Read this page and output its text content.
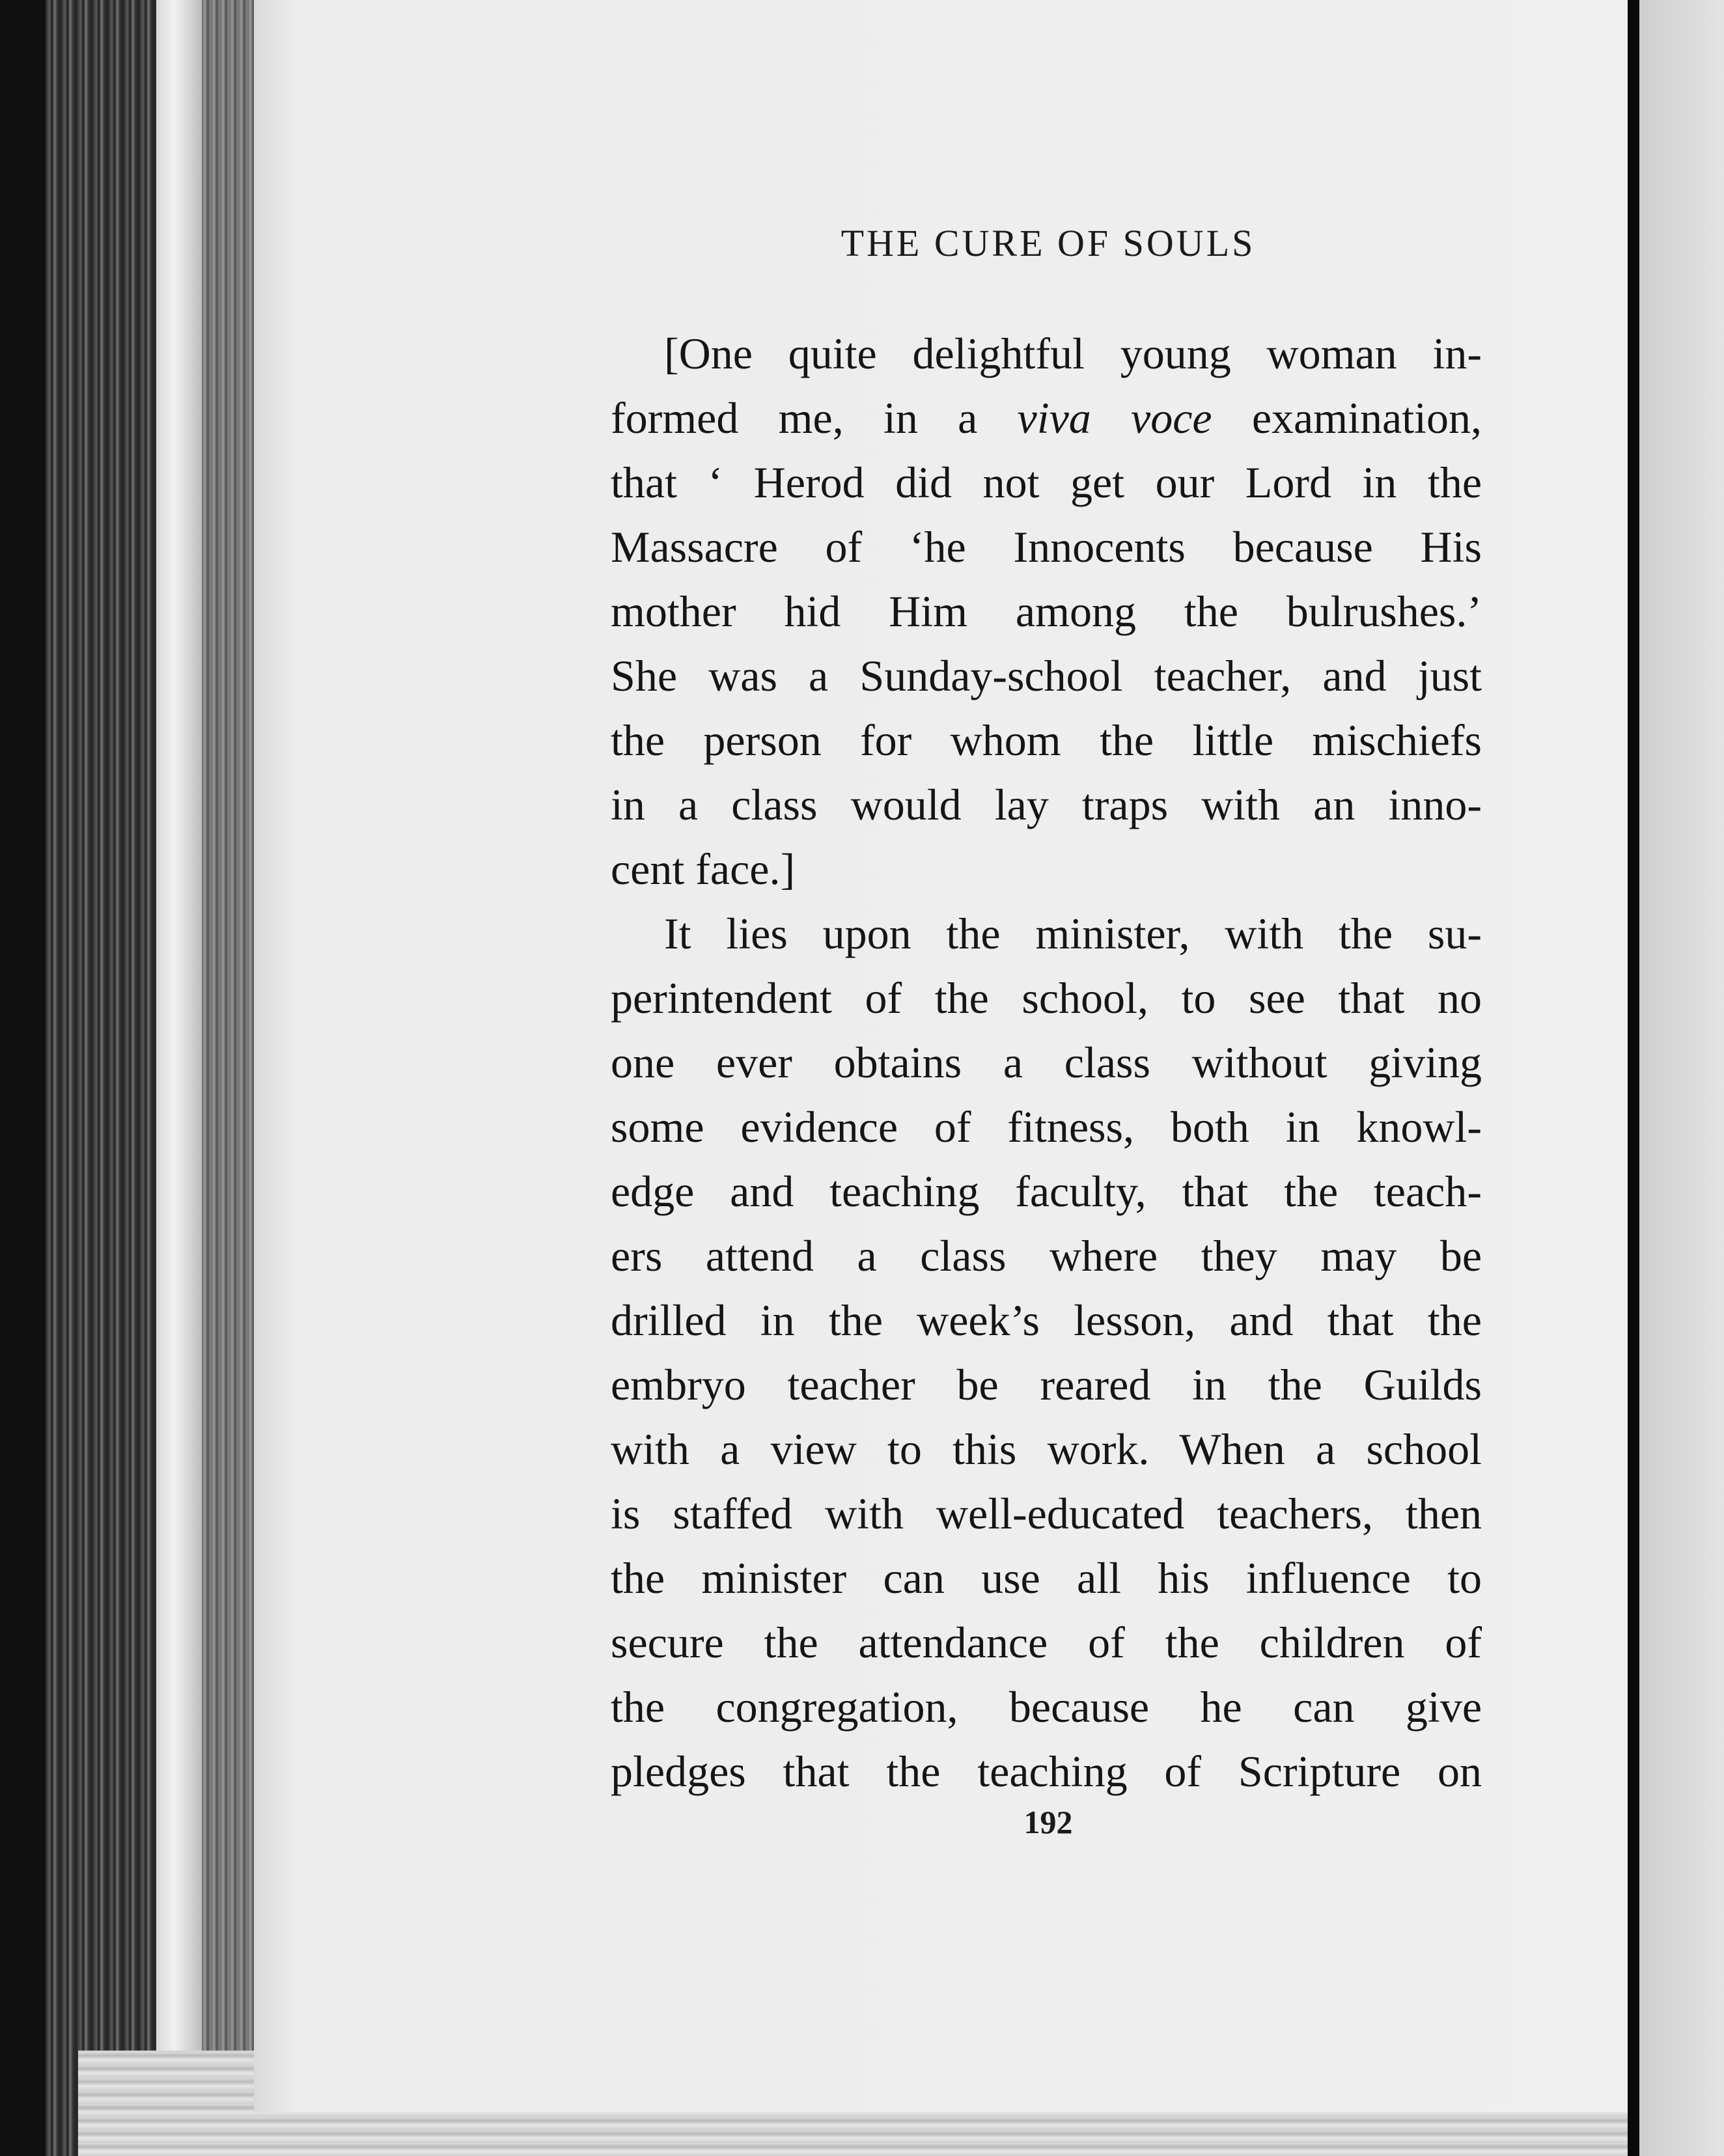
THE CURE OF SOULS
[One quite delightful young woman in-
formed me, in a viva voce examination,
that ‘ Herod did not get our Lord in the
Massacre of ‘he Innocents because His
mother hid Him among the bulrushes.’
She was a Sunday-school teacher, and just
the person for whom the little mischiefs
in a class would lay traps with an inno-
cent face.]
It lies upon the minister, with the su-
perintendent of the school, to see that no
one ever obtains a class without giving
some evidence of fitness, both in knowl-
edge and teaching faculty, that the teach-
ers attend a class where they may be
drilled in the week’s lesson, and that the
embryo teacher be reared in the Guilds
with a view to this work. When a school
is staffed with well-educated teachers, then
the minister can use all his influence to
secure the attendance of the children of
the congregation, because he can give
pledges that the teaching of Scripture on
192
